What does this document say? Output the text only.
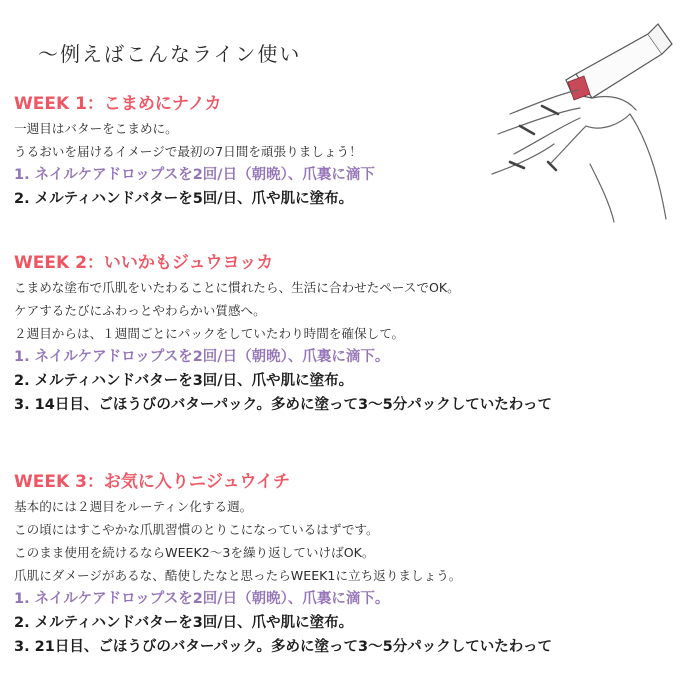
〜例えばこんなライン使い
WEEK 1：こまめにナノカ
一週目はバターをこまめに。
うるおいを届けるイメージで最初の7日間を頑張りましょう！
1. ネイルケアドロップスを2回/日（朝晩）、爪裏に滴下
2. メルティハンドバターを5回/日、爪や肌に塗布。
WEEK 2：いいかもジュウヨッカ
こまめな塗布で爪肌をいたわることに慣れたら、生活に合わせたペースでOK。
ケアするたびにふわっとやわらかい質感へ。
２週目からは、１週間ごとにパックをしていたわり時間を確保して。
1. ネイルケアドロップスを2回/日（朝晩）、爪裏に滴下。
2. メルティハンドバターを3回/日、爪や肌に塗布。
3. 14日目、ごほうびのバターパック。多めに塗って3〜5分パックしていたわって
WEEK 3：お気に入りニジュウイチ
基本的には２週目をルーティン化する週。
この頃にはすこやかな爪肌習慣のとりこになっているはずです。
このまま使用を続けるならWEEK2〜3を繰り返していけばOK。
爪肌にダメージがあるな、酷使したなと思ったらWEEK1に立ち返りましょう。
1. ネイルケアドロップスを2回/日（朝晩）、爪裏に滴下。
2. メルティハンドバターを3回/日、爪や肌に塗布。
3. 21日目、ごほうびのバターパック。多めに塗って3〜5分パックしていたわって
